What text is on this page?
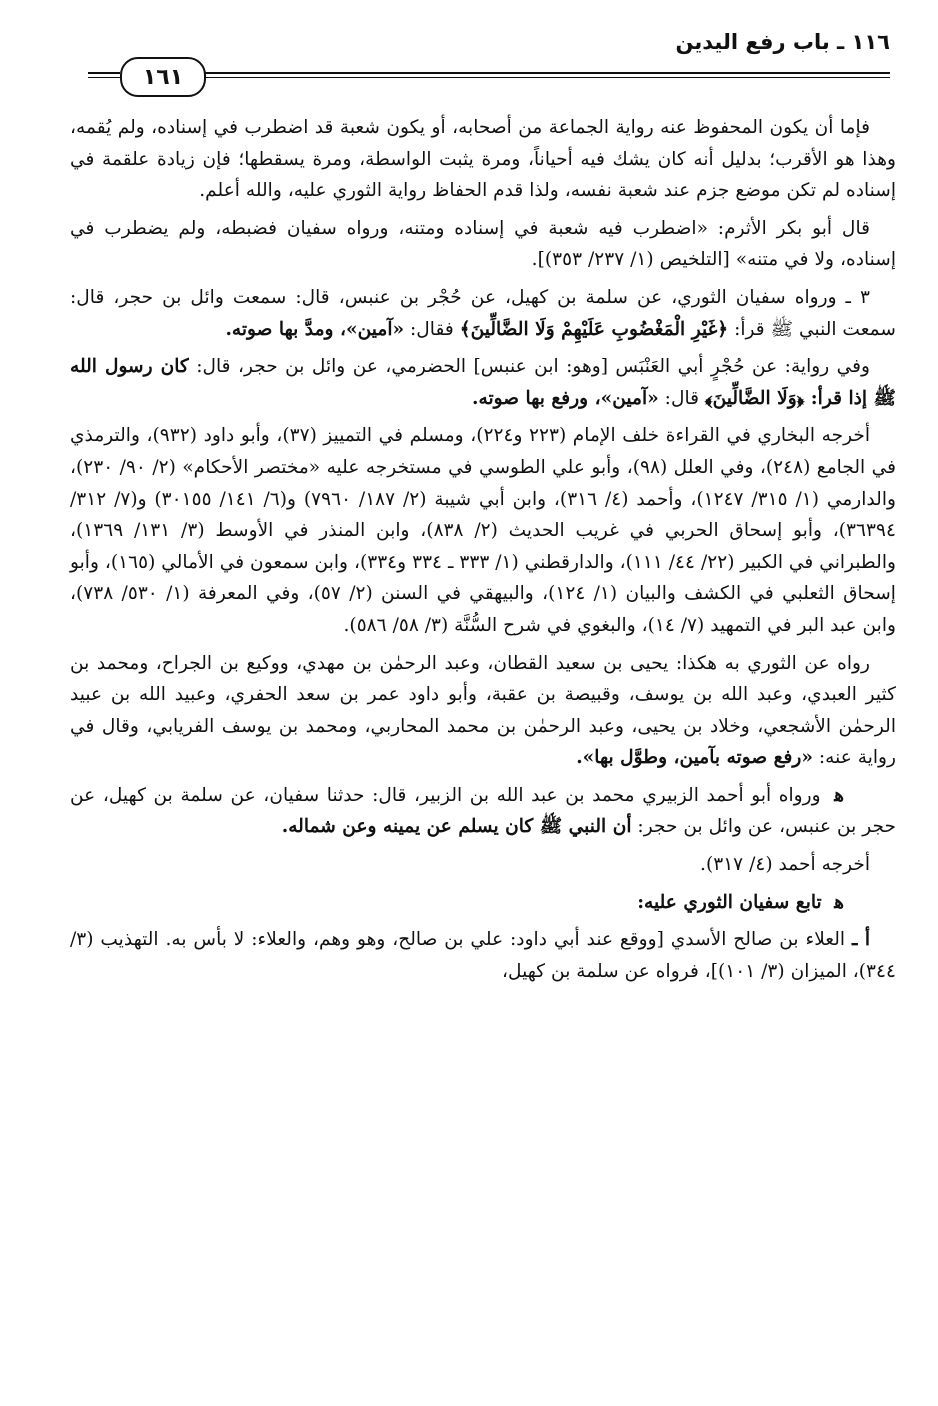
١١٦ ـ باب رفع اليدين
١٦١

فإما أن يكون المحفوظ عنه رواية الجماعة من أصحابه، أو يكون شعبة قد اضطرب في إسناده، ولم يُقمه، وهذا هو الأقرب؛ بدليل أنه كان يشك فيه أحياناً، ومرة يثبت الواسطة، ومرة يسقطها؛ فإن زيادة علقمة في إسناده لم تكن موضع جزم عند شعبة نفسه، ولذا قدم الحفاظ رواية الثوري عليه، والله أعلم.

قال أبو بكر الأثرم: «اضطرب فيه شعبة في إسناده ومتنه، ورواه سفيان فضبطه، ولم يضطرب في إسناده، ولا في متنه» [التلخيص (١/ ٢٣٧/ ٣٥٣)].

٣ ـ ورواه سفيان الثوري، عن سلمة بن كهيل، عن حُجْر بن عنبس، قال: سمعت وائل بن حجر، قال: سمعت النبي ﷺ قرأ: ﴿غَيْرِ الْمَغْضُوبِ عَلَيْهِمْ وَلَا الضَّالِّينَ﴾ فقال: «آمين»، ومدَّ بها صوته.

وفي رواية: عن حُجْرٍ أبي العَنْبَس [وهو: ابن عنبس] الحضرمي، عن وائل بن حجر، قال: كان رسول الله ﷺ إذا قرأ: ﴿وَلَا الضَّالِّينَ﴾ قال: «آمين»، ورفع بها صوته.

أخرجه البخاري في القراءة خلف الإمام (٢٢٣ و٢٢٤)، ومسلم في التمييز (٣٧)، وأبو داود (٩٣٢)، والترمذي في الجامع (٢٤٨)، وفي العلل (٩٨)، وأبو علي الطوسي في مستخرجه عليه «مختصر الأحكام» (٢/ ٩٠/ ٢٣٠)، والدارمي (١/ ٣١٥/ ١٢٤٧)، وأحمد (٤/ ٣١٦)، وابن أبي شيبة (٢/ ١٨٧/ ٧٩٦٠) و(٦/ ١٤١/ ٣٠١٥٥) و(٧/ ٣١٢/ ٣٦٣٩٤)، وأبو إسحاق الحربي في غريب الحديث (٢/ ٨٣٨)، وابن المنذر في الأوسط (٣/ ١٣١/ ١٣٦٩)، والطبراني في الكبير (٢٢/ ٤٤/ ١١١)، والدارقطني (١/ ٣٣٣ ـ ٣٣٤ و٣٣٤)، وابن سمعون في الأمالي (١٦٥)، وأبو إسحاق الثعلبي في الكشف والبيان (١/ ١٢٤)، والبيهقي في السنن (٢/ ٥٧)، وفي المعرفة (١/ ٥٣٠/ ٧٣٨)، وابن عبد البر في التمهيد (٧/ ١٤)، والبغوي في شرح السُّنَّة (٣/ ٥٨/ ٥٨٦).

رواه عن الثوري به هكذا: يحيى بن سعيد القطان، وعبد الرحمٰن بن مهدي، ووكيع بن الجراح، ومحمد بن كثير العبدي، وعبد الله بن يوسف، وقبيصة بن عقبة، وأبو داود عمر بن سعد الحفري، وعبيد الله بن عبيد الرحمٰن الأشجعي، وخلاد بن يحيى، وعبد الرحمٰن بن محمد المحاربي، ومحمد بن يوسف الفريابي، وقال في رواية عنه: «رفع صوته بآمين، وطوَّل بها».

ﻫ ورواه أبو أحمد الزبيري محمد بن عبد الله بن الزبير، قال: حدثنا سفيان، عن سلمة بن كهيل، عن حجر بن عنبس، عن وائل بن حجر: أن النبي ﷺ كان يسلم عن يمينه وعن شماله.

أخرجه أحمد (٤/ ٣١٧).

ﻫ تابع سفيان الثوري عليه:

أ ـ العلاء بن صالح الأسدي [ووقع عند أبي داود: علي بن صالح، وهو وهم، والعلاء: لا بأس به. التهذيب (٣/ ٣٤٤)، الميزان (٣/ ١٠١)]، فرواه عن سلمة بن كهيل،
